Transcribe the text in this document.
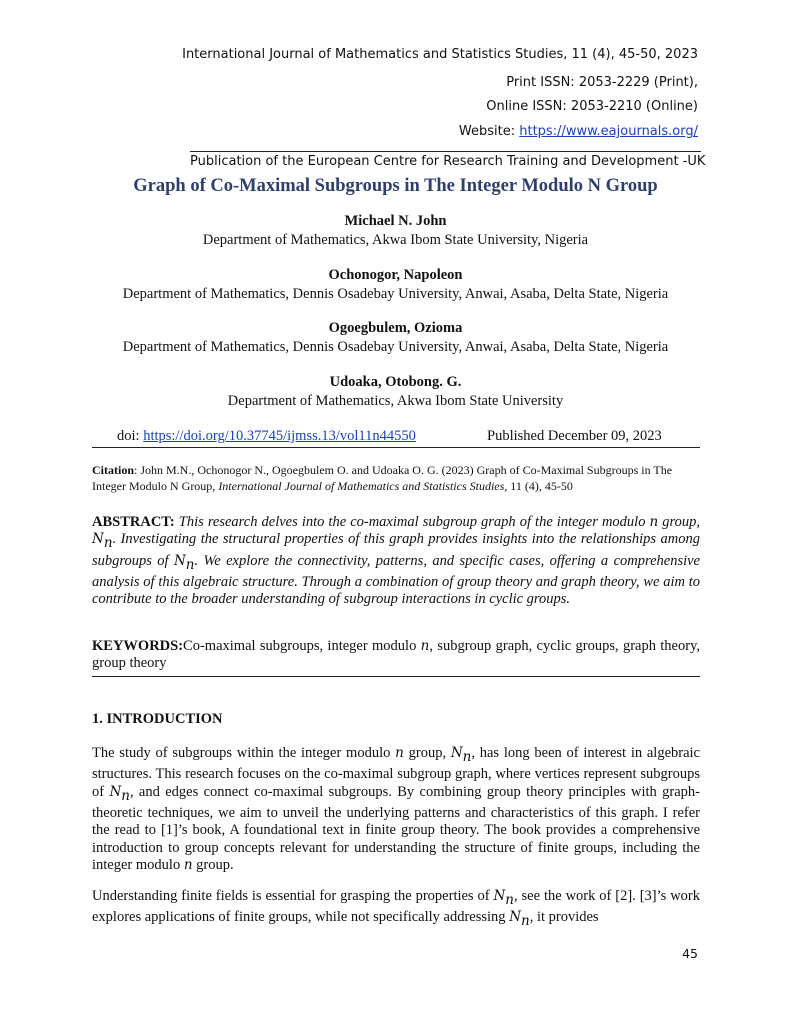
International Journal of Mathematics and Statistics Studies, 11 (4), 45-50, 2023
Print ISSN: 2053-2229 (Print),
Online ISSN: 2053-2210 (Online)
Website: https://www.eajournals.org/
Publication of the European Centre for Research Training and Development -UK
Graph of Co-Maximal Subgroups in The Integer Modulo N Group
Michael N. John
Department of Mathematics, Akwa Ibom State University, Nigeria
Ochonogor, Napoleon
Department of Mathematics, Dennis Osadebay University, Anwai, Asaba, Delta State, Nigeria
Ogoegbulem, Ozioma
Department of Mathematics, Dennis Osadebay University, Anwai, Asaba, Delta State, Nigeria
Udoaka, Otobong. G.
Department of Mathematics, Akwa Ibom State University
doi: https://doi.org/10.37745/ijmss.13/vol11n44550	Published December 09, 2023
Citation: John M.N., Ochonogor N., Ogoegbulem O. and Udoaka O. G. (2023) Graph of Co-Maximal Subgroups in The Integer Modulo N Group, International Journal of Mathematics and Statistics Studies, 11 (4), 45-50
ABSTRACT: This research delves into the co-maximal subgroup graph of the integer modulo n group, $N_n$. Investigating the structural properties of this graph provides insights into the relationships among subgroups of $N_n$. We explore the connectivity, patterns, and specific cases, offering a comprehensive analysis of this algebraic structure. Through a combination of group theory and graph theory, we aim to contribute to the broader understanding of subgroup interactions in cyclic groups.
KEYWORDS:Co-maximal subgroups, integer modulo n, subgroup graph, cyclic groups, graph theory, group theory
1. INTRODUCTION
The study of subgroups within the integer modulo n group, $N_n$, has long been of interest in algebraic structures. This research focuses on the co-maximal subgroup graph, where vertices represent subgroups of $N_n$, and edges connect co-maximal subgroups. By combining group theory principles with graph-theoretic techniques, we aim to unveil the underlying patterns and characteristics of this graph. I refer the read to [1]’s book, A foundational text in finite group theory. The book provides a comprehensive introduction to group concepts relevant for understanding the structure of finite groups, including the integer modulo n group.
Understanding finite fields is essential for grasping the properties of $N_n$, see the work of [2]. [3]’s work explores applications of finite groups, while not specifically addressing $N_n$, it provides
45
